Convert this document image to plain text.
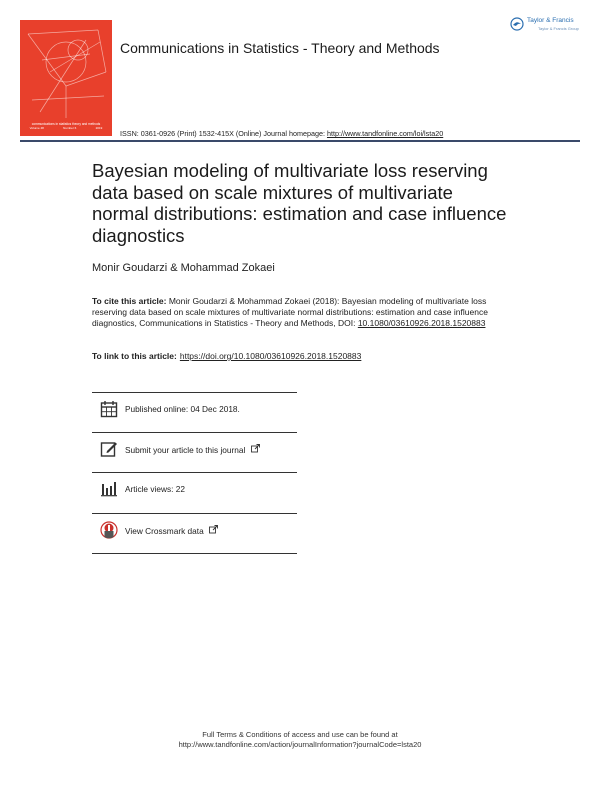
communications in statistics theory and methods
Volume 48	Number 6	2019
Communications in Statistics - Theory and Methods
Taylor & Francis
Taylor & Francis Group
ISSN: 0361-0926 (Print) 1532-415X (Online) Journal homepage: http://www.tandfonline.com/loi/lsta20
Bayesian modeling of multivariate loss reserving data based on scale mixtures of multivariate normal distributions: estimation and case influence diagnostics
Monir Goudarzi & Mohammad Zokaei
To cite this article: Monir Goudarzi & Mohammad Zokaei (2018): Bayesian modeling of multivariate loss reserving data based on scale mixtures of multivariate normal distributions: estimation and case influence diagnostics, Communications in Statistics - Theory and Methods, DOI: 10.1080/03610926.2018.1520883
To link to this article: https://doi.org/10.1080/03610926.2018.1520883
Published online: 04 Dec 2018.
Submit your article to this journal
Article views: 22
View Crossmark data
Full Terms & Conditions of access and use can be found at
http://www.tandfonline.com/action/journalInformation?journalCode=lsta20
